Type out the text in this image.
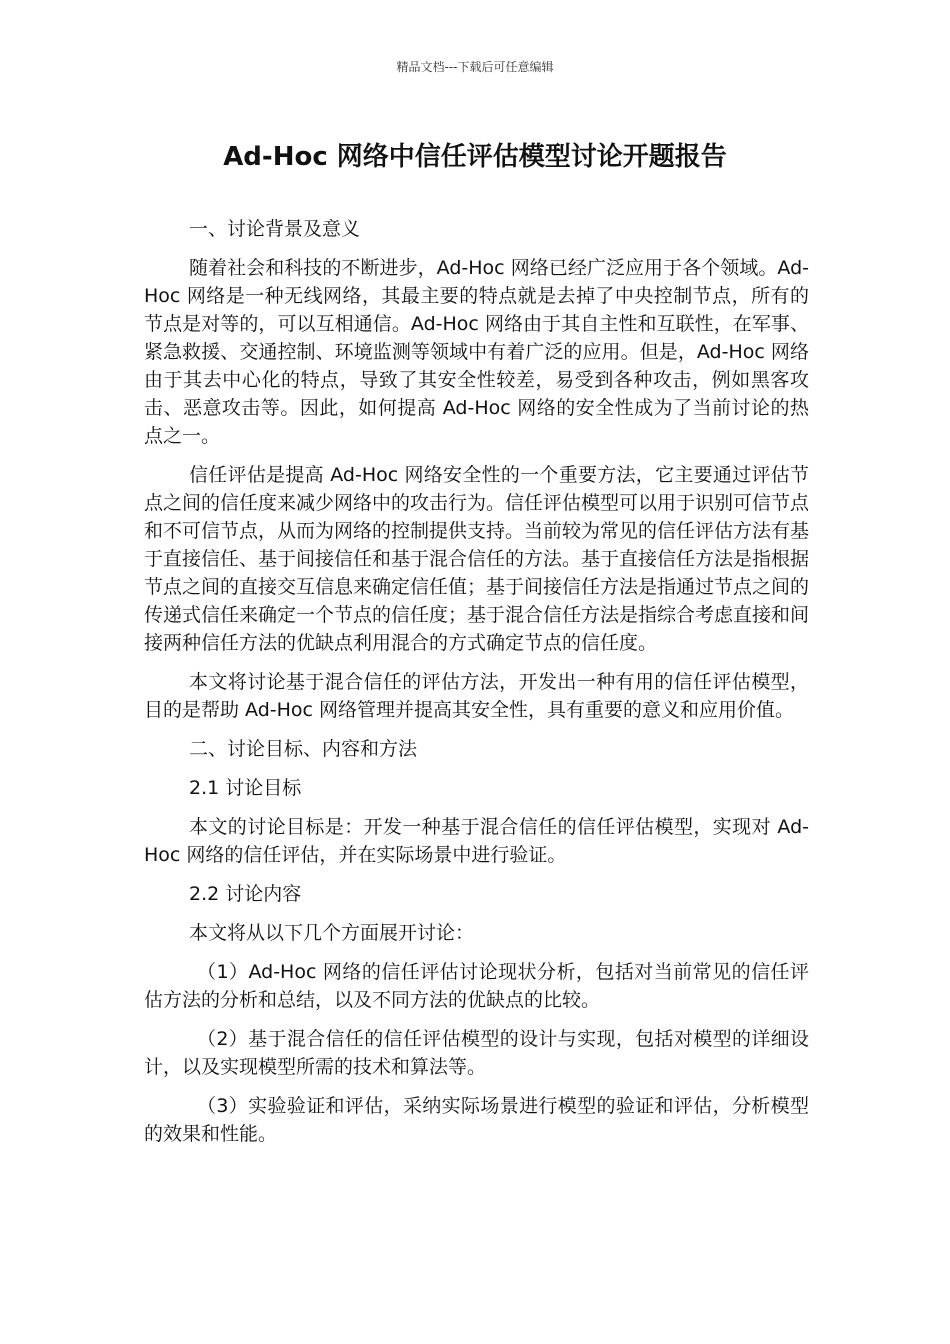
精品文档---下载后可任意编辑
Ad-Hoc 网络中信任评估模型讨论开题报告

一、讨论背景及意义

随着社会和科技的不断进步，Ad-Hoc 网络已经广泛应用于各个领域。Ad-Hoc 网络是一种无线网络，其最主要的特点就是去掉了中央控制节点，所有的节点是对等的，可以互相通信。Ad-Hoc 网络由于其自主性和互联性，在军事、紧急救援、交通控制、环境监测等领域中有着广泛的应用。但是，Ad-Hoc 网络由于其去中心化的特点，导致了其安全性较差，易受到各种攻击，例如黑客攻击、恶意攻击等。因此，如何提高 Ad-Hoc 网络的安全性成为了当前讨论的热点之一。

信任评估是提高 Ad-Hoc 网络安全性的一个重要方法，它主要通过评估节点之间的信任度来减少网络中的攻击行为。信任评估模型可以用于识别可信节点和不可信节点，从而为网络的控制提供支持。当前较为常见的信任评估方法有基于直接信任、基于间接信任和基于混合信任的方法。基于直接信任方法是指根据节点之间的直接交互信息来确定信任值；基于间接信任方法是指通过节点之间的传递式信任来确定一个节点的信任度；基于混合信任方法是指综合考虑直接和间接两种信任方法的优缺点利用混合的方式确定节点的信任度。

本文将讨论基于混合信任的评估方法，开发出一种有用的信任评估模型，目的是帮助 Ad-Hoc 网络管理并提高其安全性，具有重要的意义和应用价值。

二、讨论目标、内容和方法

2.1 讨论目标

本文的讨论目标是：开发一种基于混合信任的信任评估模型，实现对 Ad-Hoc 网络的信任评估，并在实际场景中进行验证。

2.2 讨论内容

本文将从以下几个方面展开讨论：

（1）Ad-Hoc 网络的信任评估讨论现状分析，包括对当前常见的信任评估方法的分析和总结，以及不同方法的优缺点的比较。

（2）基于混合信任的信任评估模型的设计与实现，包括对模型的详细设计，以及实现模型所需的技术和算法等。

（3）实验验证和评估，采纳实际场景进行模型的验证和评估，分析模型的效果和性能。
